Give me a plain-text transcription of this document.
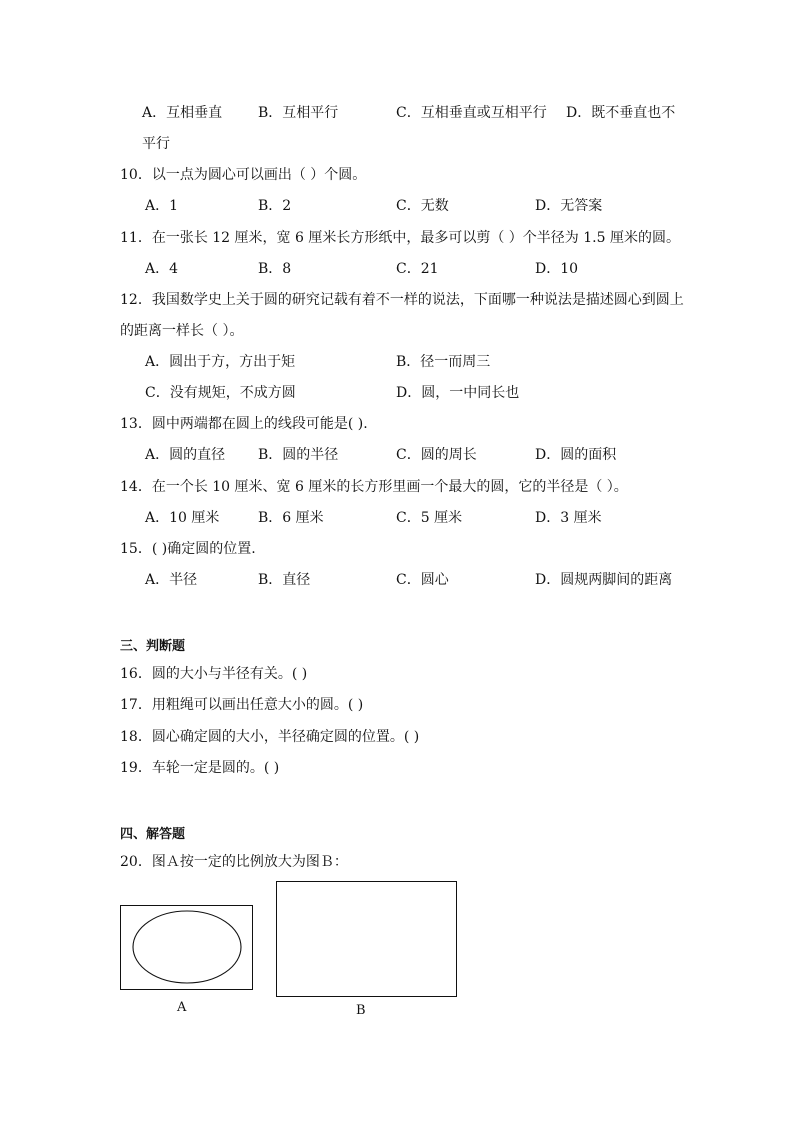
A．互相垂直	B．互相平行	C．互相垂直或互相平行 D．既不垂直也不
平行
10．以一点为圆心可以画出（ ）个圆。
A．1	B．2	C．无数	D．无答案
11．在一张长 12 厘米，宽 6 厘米长方形纸中，最多可以剪（ ）个半径为 1.5 厘米的圆。
A．4	B．8	C．21	D．10
12．我国数学史上关于圆的研究记载有着不一样的说法，下面哪一种说法是描述圆心到圆上
的距离一样长（ ）。
A．圆出于方，方出于矩	B．径一而周三
C．没有规矩，不成方圆	D．圆，一中同长也
13．圆中两端都在圆上的线段可能是( ).
A．圆的直径 B．圆的半径	C．圆的周长	D．圆的面积
14．在一个长 10 厘米、宽 6 厘米的长方形里画一个最大的圆，它的半径是（ ）。
A．10 厘米	B．6 厘米	C．5 厘米	D．3 厘米
15．( )确定圆的位置.
A．半径	B．直径	C．圆心	D．圆规两脚间的距离
三、判断题
16．圆的大小与半径有关。( )
17．用粗绳可以画出任意大小的圆。( )
18．圆心确定圆的大小，半径确定圆的位置。( )
19．车轮一定是圆的。( )
四、解答题
20．图Ａ按一定的比例放大为图Ｂ：
A	B
